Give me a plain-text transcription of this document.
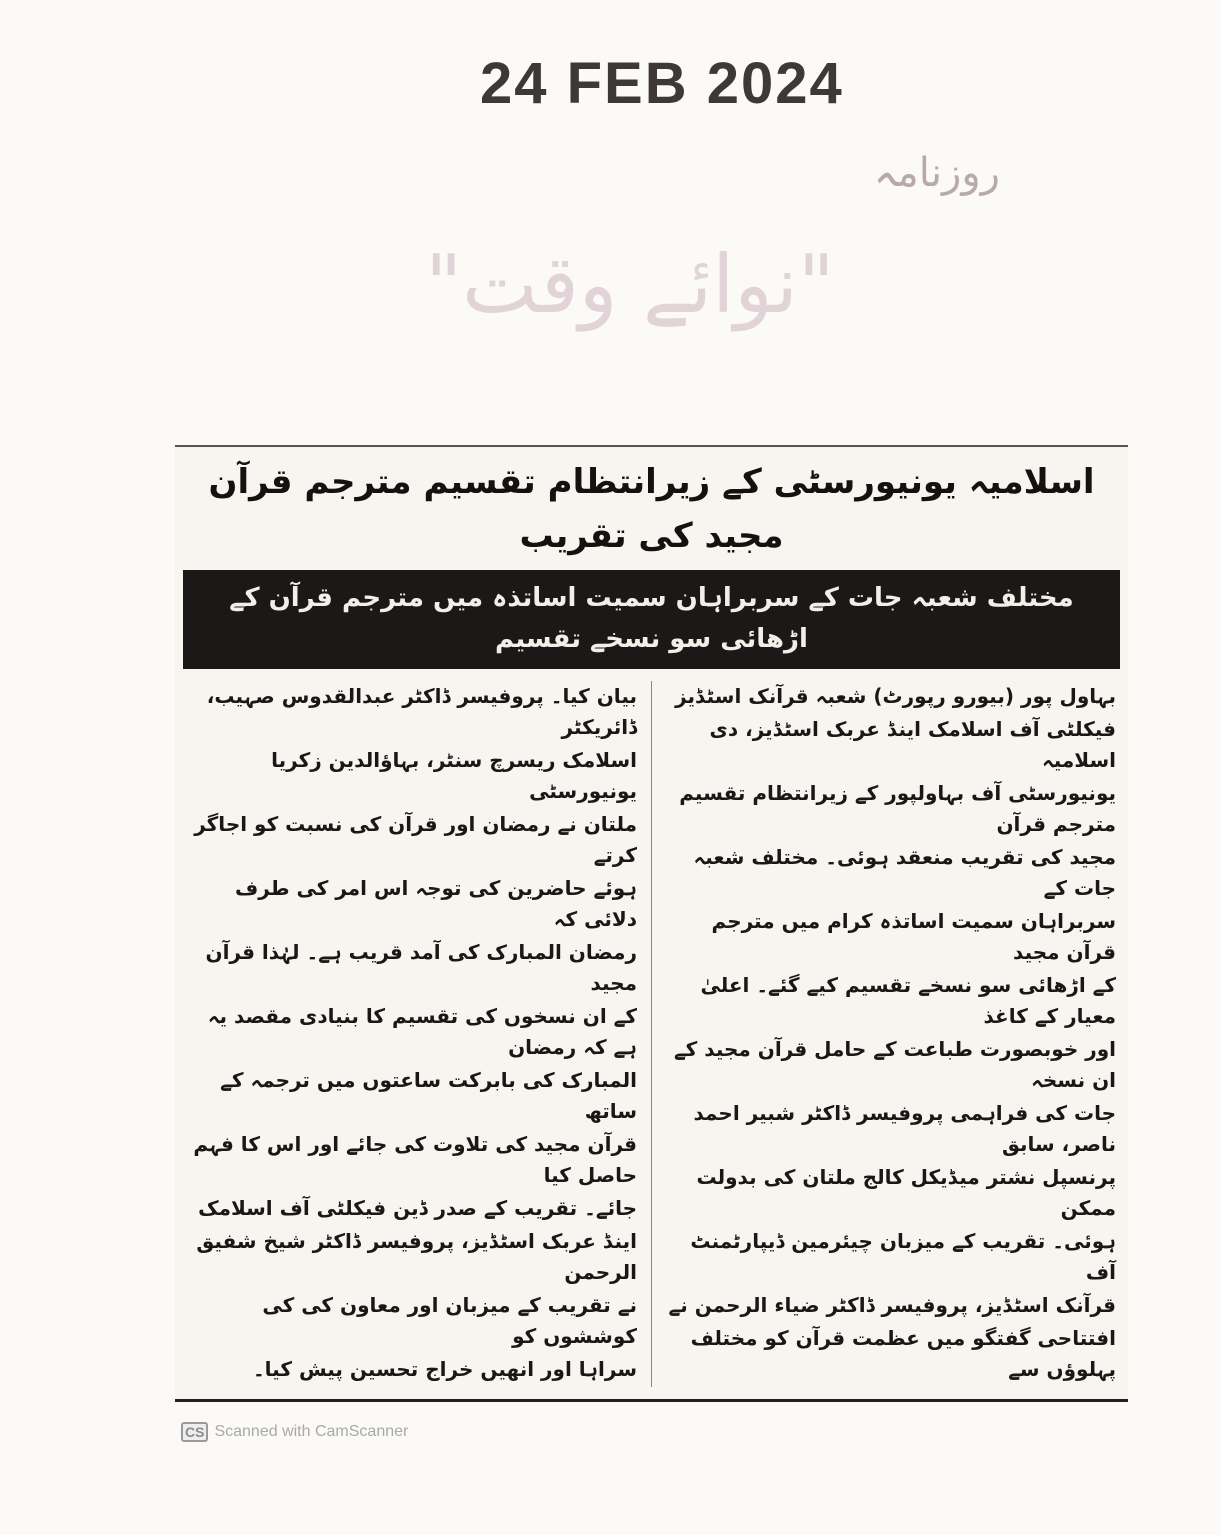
24 FEB 2024
روزنامہ
"نوائے وقت"
اسلامیہ یونیورسٹی کے زیرانتظام تقسیم مترجم قرآن مجید کی تقریب
مختلف شعبہ جات کے سربراہان سمیت اساتذہ میں مترجم قرآن کے اڑھائی سو نسخے تقسیم
بہاول پور (بیورو رپورٹ) شعبہ قرآنک اسٹڈیز
فیکلٹی آف اسلامک اینڈ عربک اسٹڈیز، دی اسلامیہ
یونیورسٹی آف بہاولپور کے زیرانتظام تقسیم مترجم قرآن
مجید کی تقریب منعقد ہوئی۔ مختلف شعبہ جات کے
سربراہان سمیت اساتذہ کرام میں مترجم قرآن مجید
کے اڑھائی سو نسخے تقسیم کیے گئے۔ اعلیٰ معیار کے کاغذ
اور خوبصورت طباعت کے حامل قرآن مجید کے ان نسخہ
جات کی فراہمی پروفیسر ڈاکٹر شبیر احمد ناصر، سابق
پرنسپل نشتر میڈیکل کالج ملتان کی بدولت ممکن
ہوئی۔ تقریب کے میزبان چیئرمین ڈیپارٹمنٹ آف
قرآنک اسٹڈیز، پروفیسر ڈاکٹر ضیاء الرحمن نے
افتتاحی گفتگو میں عظمت قرآن کو مختلف پہلوؤں سے
بیان کیا۔ پروفیسر ڈاکٹر عبدالقدوس صہیب، ڈائریکٹر
اسلامک ریسرچ سنٹر، بہاؤالدین زکریا یونیورسٹی
ملتان نے رمضان اور قرآن کی نسبت کو اجاگر کرتے
ہوئے حاضرین کی توجہ اس امر کی طرف دلائی کہ
رمضان المبارک کی آمد قریب ہے۔ لہٰذا قرآن مجید
کے ان نسخوں کی تقسیم کا بنیادی مقصد یہ ہے کہ رمضان
المبارک کی بابرکت ساعتوں میں ترجمہ کے ساتھ
قرآن مجید کی تلاوت کی جائے اور اس کا فہم حاصل کیا
جائے۔ تقریب کے صدر ڈین فیکلٹی آف اسلامک
اینڈ عربک اسٹڈیز، پروفیسر ڈاکٹر شیخ شفیق الرحمن
نے تقریب کے میزبان اور معاون کی کی کوششوں کو
سراہا اور انھیں خراج تحسین پیش کیا۔
CS Scanned with CamScanner
